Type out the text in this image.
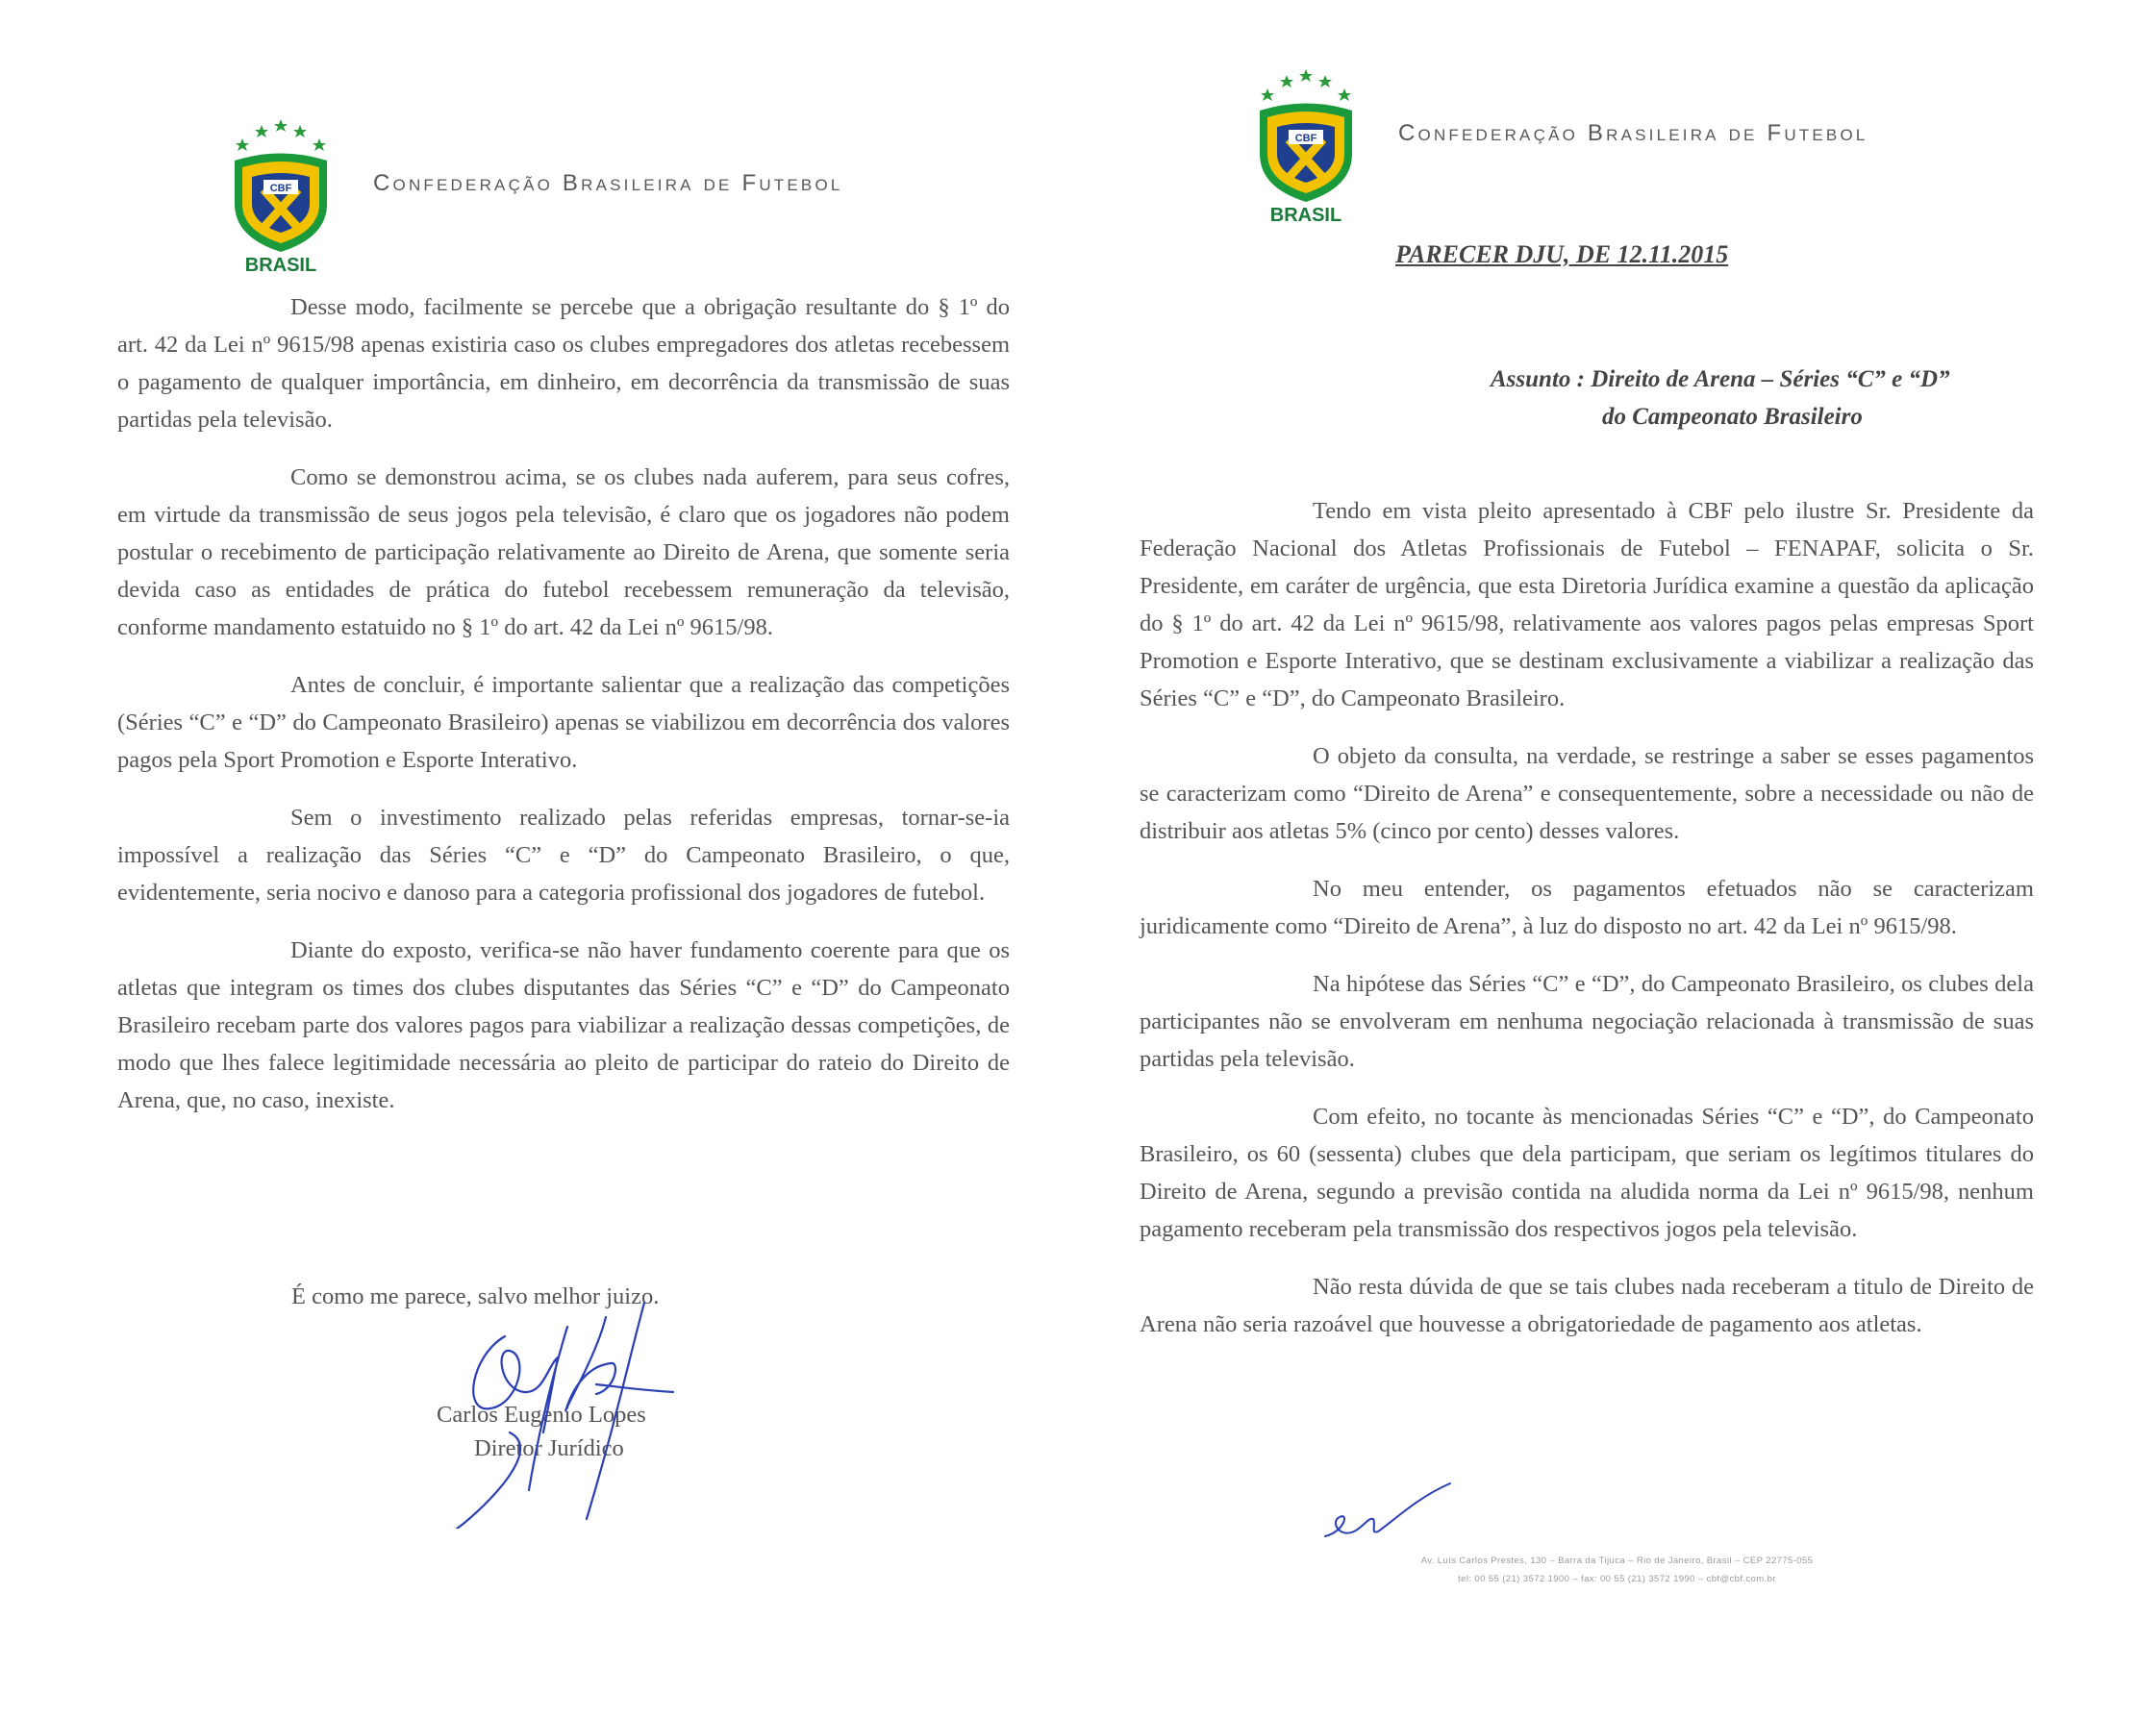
CBF
BRASIL
Confederação Brasileira de Futebol

Desse modo, facilmente se percebe que a obrigação resultante do § 1º do art. 42 da Lei nº 9615/98 apenas existiria caso os clubes empregadores dos atletas recebessem o pagamento de qualquer importância, em dinheiro, em decorrência da transmissão de suas partidas pela televisão.

Como se demonstrou acima, se os clubes nada auferem, para seus cofres, em virtude da transmissão de seus jogos pela televisão, é claro que os jogadores não podem postular o recebimento de participação relativamente ao Direito de Arena, que somente seria devida caso as entidades de prática do futebol recebessem remuneração da televisão, conforme mandamento estatuido no § 1º do art. 42 da Lei nº 9615/98.

Antes de concluir, é importante salientar que a realização das competições (Séries “C” e “D” do Campeonato Brasileiro) apenas se viabilizou em decorrência dos valores pagos pela Sport Promotion e Esporte Interativo.

Sem o investimento realizado pelas referidas empresas, tornar-se-ia impossível a realização das Séries “C” e “D” do Campeonato Brasileiro, o que, evidentemente, seria nocivo e danoso para a categoria profissional dos jogadores de futebol.

Diante do exposto, verifica-se não haver fundamento coerente para que os atletas que integram os times dos clubes disputantes das Séries “C” e “D” do Campeonato Brasileiro recebam parte dos valores pagos para viabilizar a realização dessas competições, de modo que lhes falece legitimidade necessária ao pleito de participar do rateio do Direito de Arena, que, no caso, inexiste.

É como me parece, salvo melhor juizo.
Carlos Eugenio Lopes
Diretor Jurídico
CBF
BRASIL
Confederação Brasileira de Futebol
PARECER DJU, DE 12.11.2015
Assunto : Direito de Arena – Séries “C” e “D”
do Campeonato Brasileiro

Tendo em vista pleito apresentado à CBF pelo ilustre Sr. Presidente da Federação Nacional dos Atletas Profissionais de Futebol – FENAPAF, solicita o Sr. Presidente, em caráter de urgência, que esta Diretoria Jurídica examine a questão da aplicação do § 1º do art. 42 da Lei nº 9615/98, relativamente aos valores pagos pelas empresas Sport Promotion e Esporte Interativo, que se destinam exclusivamente a viabilizar a realização das Séries “C” e “D”, do Campeonato Brasileiro.

O objeto da consulta, na verdade, se restringe a saber se esses pagamentos se caracterizam como “Direito de Arena” e consequentemente, sobre a necessidade ou não de distribuir aos atletas 5% (cinco por cento) desses valores.

No meu entender, os pagamentos efetuados não se caracterizam juridicamente como “Direito de Arena”, à luz do disposto no art. 42 da Lei nº 9615/98.

Na hipótese das Séries “C” e “D”, do Campeonato Brasileiro, os clubes dela participantes não se envolveram em nenhuma negociação relacionada à transmissão de suas partidas pela televisão.

Com efeito, no tocante às mencionadas Séries “C” e “D”, do Campeonato Brasileiro, os 60 (sessenta) clubes que dela participam, que seriam os legítimos titulares do Direito de Arena, segundo a previsão contida na aludida norma da Lei nº 9615/98, nenhum pagamento receberam pela transmissão dos respectivos jogos pela televisão.

Não resta dúvida de que se tais clubes nada receberam a titulo de Direito de Arena não seria razoável que houvesse a obrigatoriedade de pagamento aos atletas.

Av. Luís Carlos Prestes, 130 – Barra da Tijuca – Rio de Janeiro, Brasil – CEP 22775-055
tel: 00 55 (21) 3572 1900 – fax: 00 55 (21) 3572 1990 – cbf@cbf.com.br
